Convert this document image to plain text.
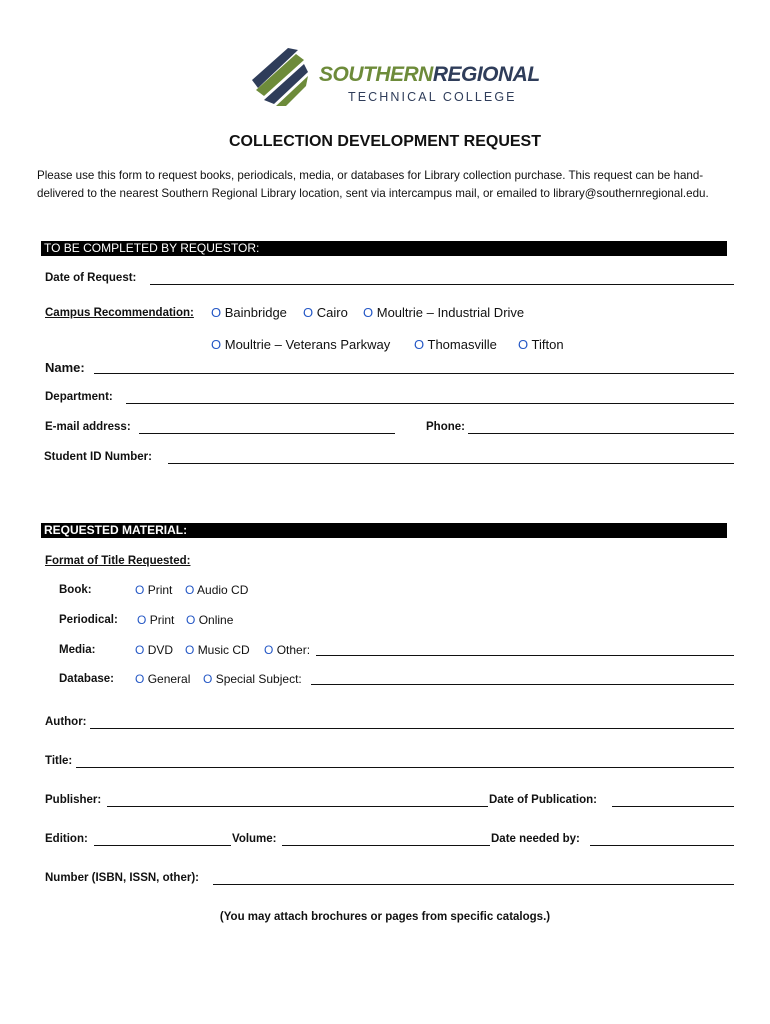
SOUTHERNREGIONAL
TECHNICAL COLLEGE
COLLECTION DEVELOPMENT REQUEST
Please use this form to request books, periodicals, media, or databases for Library collection purchase. This request can be hand-delivered to the nearest Southern Regional Library location, sent via intercampus mail, or emailed to library@southernregional.edu.
TO BE COMPLETED BY REQUESTOR:
Date of Request:
Campus Recommendation: O Bainbridge O Cairo O Moultrie – Industrial Drive
O Moultrie – Veterans Parkway O Thomasville O Tifton
Name:
Department:
E-mail address:	Phone:
Student ID Number:
REQUESTED MATERIAL:
Format of Title Requested:
Book:	O Print O Audio CD
Periodical: O Print O Online
Media:	O DVD O Music CD O Other:
Database: O General O Special Subject:
Author:
Title:
Publisher:	Date of Publication:
Edition:	Volume:	Date needed by:
Number (ISBN, ISSN, other):
(You may attach brochures or pages from specific catalogs.)
